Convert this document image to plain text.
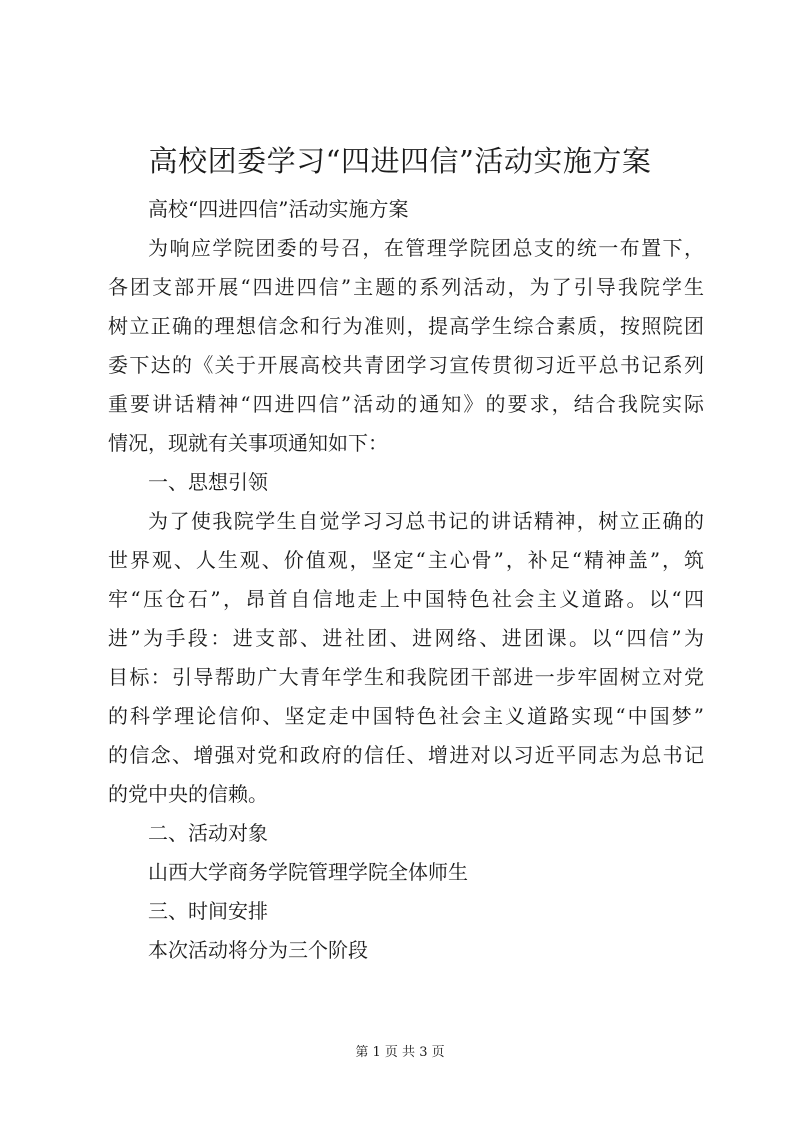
高校团委学习“四进四信”活动实施方案
高校“四进四信”活动实施方案
为响应学院团委的号召，在管理学院团总支的统一布置下，
各团支部开展“四进四信”主题的系列活动，为了引导我院学生
树立正确的理想信念和行为准则，提高学生综合素质，按照院团
委下达的《关于开展高校共青团学习宣传贯彻习近平总书记系列
重要讲话精神“四进四信”活动的通知》的要求，结合我院实际
情况，现就有关事项通知如下：
一、思想引领
为了使我院学生自觉学习习总书记的讲话精神，树立正确的
世界观、人生观、价值观，坚定“主心骨”，补足“精神盖”，筑
牢“压仓石”，昂首自信地走上中国特色社会主义道路。以“四
进”为手段：进支部、进社团、进网络、进团课。以“四信”为
目标：引导帮助广大青年学生和我院团干部进一步牢固树立对党
的科学理论信仰、坚定走中国特色社会主义道路实现“中国梦”
的信念、增强对党和政府的信任、增进对以习近平同志为总书记
的党中央的信赖。
二、活动对象
山西大学商务学院管理学院全体师生
三、时间安排
本次活动将分为三个阶段
第 1 页 共 3 页
